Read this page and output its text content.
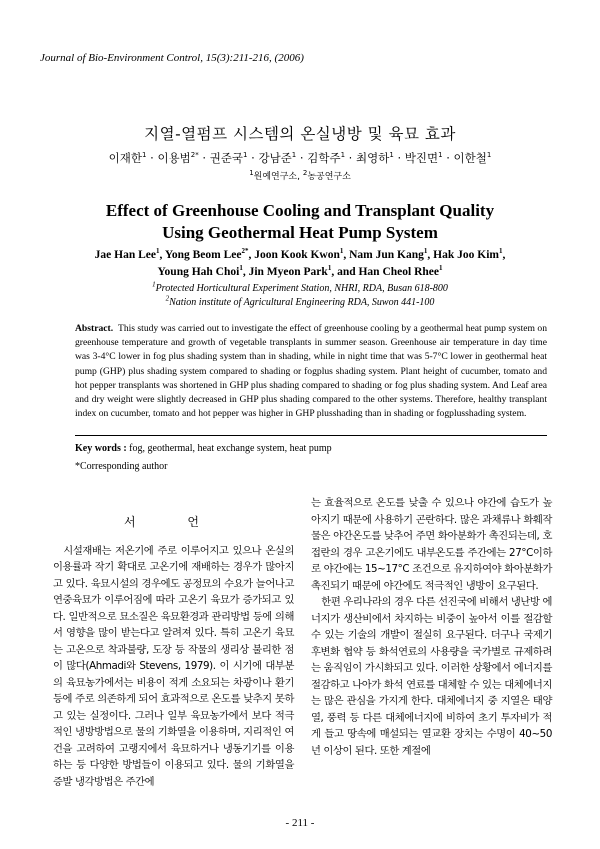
Journal of Bio-Environment Control, 15(3):211-216, (2006)
지열-열펌프 시스템의 온실냉방 및 육묘 효과
이재한$^1$ · 이용범$^{2*}$ · 권준국$^1$ · 강남준$^1$ · 김학주$^1$ · 최영하$^1$ · 박진면$^1$ · 이한철$^1$
$^1$원예연구소, $^2$농공연구소
Effect of Greenhouse Cooling and Transplant Quality
Using Geothermal Heat Pump System
Jae Han Lee$^1$, Yong Beom Lee$^{2*}$, Joon Kook Kwon$^1$, Nam Jun Kang$^1$, Hak Joo Kim$^1$,
Young Hah Choi$^1$, Jin Myeon Park$^1$, and Han Cheol Rhee$^1$
$^1$Protected Horticultural Experiment Station, NHRI, RDA, Busan 618-800
$^2$Nation institute of Agricultural Engineering RDA, Suwon 441-100
Abstract. This study was carried out to investigate the effect of greenhouse cooling by a geothermal heat pump system on greenhouse temperature and growth of vegetable transplants in summer season. Greenhouse air temperature in day time was 3-4°C lower in fog plus shading system than in shading, while in night time that was 5-7°C lower in geothermal heat pump (GHP) plus shading system compared to shading or fogplus shading system. Plant height of cucumber, tomato and hot pepper transplants was shortened in GHP plus shading compared to shading or fog plus shading system. And Leaf area and dry weight were slightly decreased in GHP plus shading compared to the other systems. Therefore, healthy transplant index on cucumber, tomato and hot pepper was higher in GHP plusshading than in shading or fogplusshading system.
Key words : fog, geothermal, heat exchange system, heat pump
*Corresponding author
서 언

시설재배는 저온기에 주로 이루어지고 있으나 온실의 이용률과 작기 확대로 고온기에 재배하는 경우가 많아지고 있다. 육묘시설의 경우에도 공정묘의 수요가 늘어나고 연중육묘가 이루어짐에 따라 고온기 육묘가 증가되고 있다. 일반적으로 묘소질은 육묘환경과 관리방법 등에 의해서 영향을 많이 받는다고 알려져 있다. 특히 고온기 육묘는 고온으로 착과불량, 도장 등 작물의 생리상 불리한 점이 많다(Ahmadi와 Stevens, 1979). 이 시기에 대부분의 육묘농가에서는 비용이 적게 소요되는 차광이나 환기 등에 주로 의존하게 되어 효과적으로 온도를 낮추지 못하고 있는 실정이다. 그러나 일부 육묘농가에서 보다 적극적인 냉방방법으로 물의 기화열을 이용하며, 지리적인 여건을 고려하여 고랭지에서 육묘하거나 냉동기기를 이용하는 등 다양한 방법들이 이용되고 있다. 물의 기화열을 증발 냉각방법은 주간에

는 효율적으로 온도를 낮출 수 있으나 야간에 습도가 높아지기 때문에 사용하기 곤란하다. 많은 과채류나 화훼작물은 야간온도를 낮추어 주면 화아분화가 촉진되는데, 호접란의 경우 고온기에도 내부온도를 주간에는 27°C이하로 야간에는 15~17°C 조건으로 유지하여야 화아분화가 촉진되기 때문에 야간에도 적극적인 냉방이 요구된다.

한편 우리나라의 경우 다른 선진국에 비해서 냉난방 에너지가 생산비에서 차지하는 비중이 높아서 이를 절감할 수 있는 기술의 개발이 절실히 요구된다. 더구나 국제기후변화 협약 등 화석연료의 사용량을 국가별로 규제하려는 움직임이 가시화되고 있다. 이러한 상황에서 에너지를 절감하고 나아가 화석 연료를 대체할 수 있는 대체에너지는 많은 관심을 가지게 한다. 대체에너지 중 지열은 태양열, 풍력 등 다른 대체에너지에 비하여 초기 투자비가 적게 들고 땅속에 매설되는 열교환 장치는 수명이 40~50년 이상이 된다. 또한 계절에

- 211 -
